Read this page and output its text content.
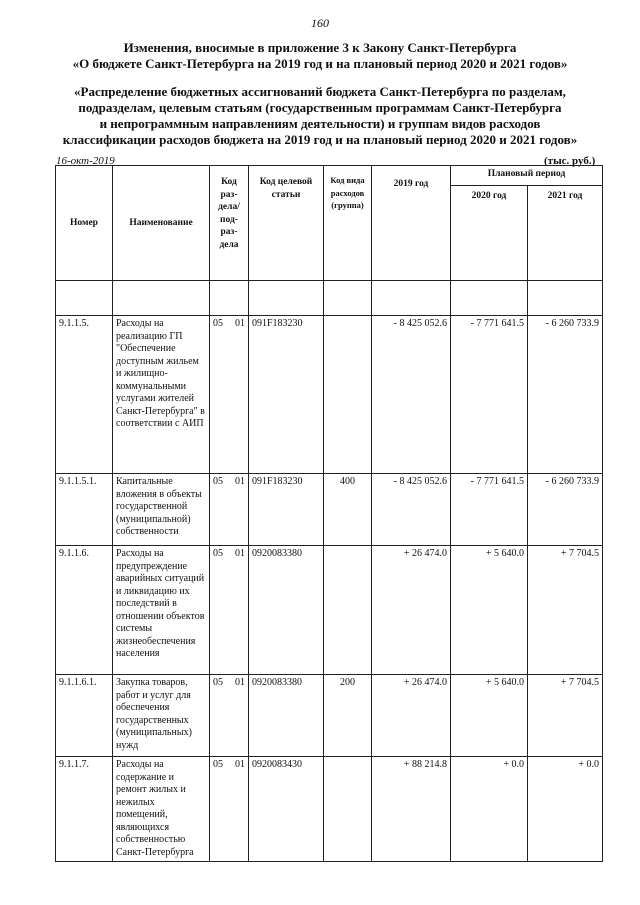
160
Изменения, вносимые в приложение 3 к Закону Санкт-Петербурга
«О бюджете Санкт-Петербурга на 2019 год и на плановый период 2020 и 2021 годов»
«Распределение бюджетных ассигнований бюджета Санкт-Петербурга по разделам,
подразделам, целевым статьям (государственным программам Санкт-Петербурга
и непрограммным направлениям деятельности) и группам видов расходов
классификации расходов бюджета на 2019 год и на плановый период 2020 и 2021 годов»
16-окт-2019	(тыс. руб.)
Номер	Наименование	Код раз-дела/ под-раз-дела	Код целевой статьи	Код вида расходов (группа)	2019 год	Плановый период	
						2020 год	2021 год

9.1.1.5.	Расходы на реализацию ГП "Обеспечение доступным жильем и жилищно-коммунальными услугами жителей Санкт-Петербурга" в соответствии с АИП	05 01	091F183230		- 8 425 052.6	- 7 771 641.5	- 6 260 733.9
9.1.1.5.1.	Капитальные вложения в объекты государственной (муниципальной) собственности	05 01	091F183230	400	- 8 425 052.6	- 7 771 641.5	- 6 260 733.9
9.1.1.6.	Расходы на предупреждение аварийных ситуаций и ликвидацию их последствий в отношении объектов системы жизнеобеспечения населения	05 01	0920083380		+ 26 474.0	+ 5 640.0	+ 7 704.5
9.1.1.6.1.	Закупка товаров, работ и услуг для обеспечения государственных (муниципальных) нужд	05 01	0920083380	200	+ 26 474.0	+ 5 640.0	+ 7 704.5
9.1.1.7.	Расходы на содержание и ремонт жилых и нежилых помещений, являющихся собственностью Санкт-Петербурга	05 01	0920083430		+ 88 214.8	+ 0.0	+ 0.0
